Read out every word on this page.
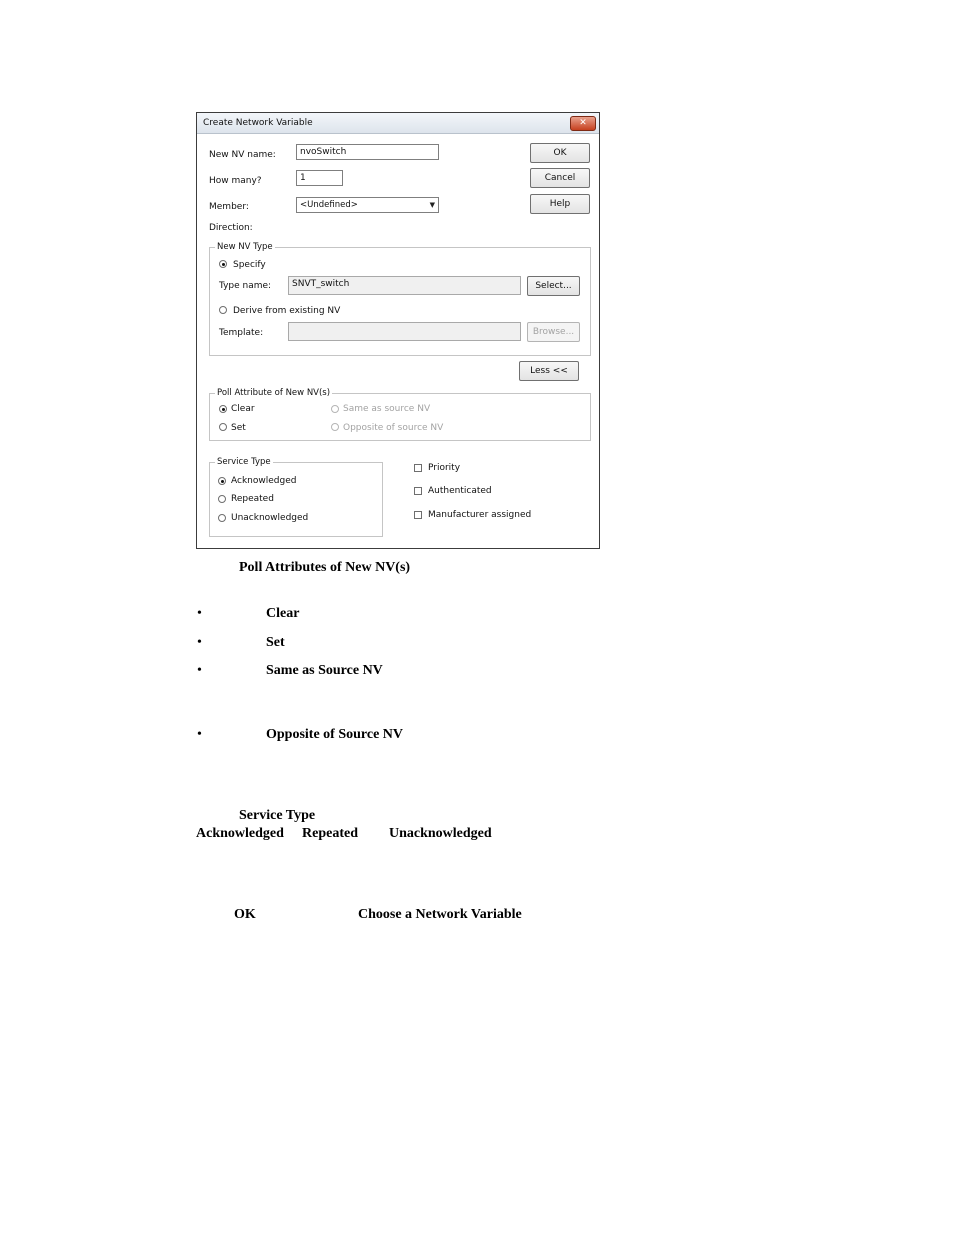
Create Network Variable	✕
New NV name:	nvoSwitch
How many?	1
Member:	<Undefined>	▼
Direction:
OK
Cancel
Help
New NV Type
Specify
Type name:	SNVT_switch	Select...
Derive from existing NV
Template:	Browse...
Less <<
Poll Attribute of New NV(s)
Clear	Same as source NV
Set	Opposite of source NV
Service Type
Acknowledged
Repeated
Unacknowledged
Priority
Authenticated
Manufacturer assigned
Poll Attributes of New NV(s)
•	Clear
•	Set
•	Same as Source NV
•	Opposite of Source NV
Service Type
Acknowledged Repeated Unacknowledged
OK	Choose a Network Variable
